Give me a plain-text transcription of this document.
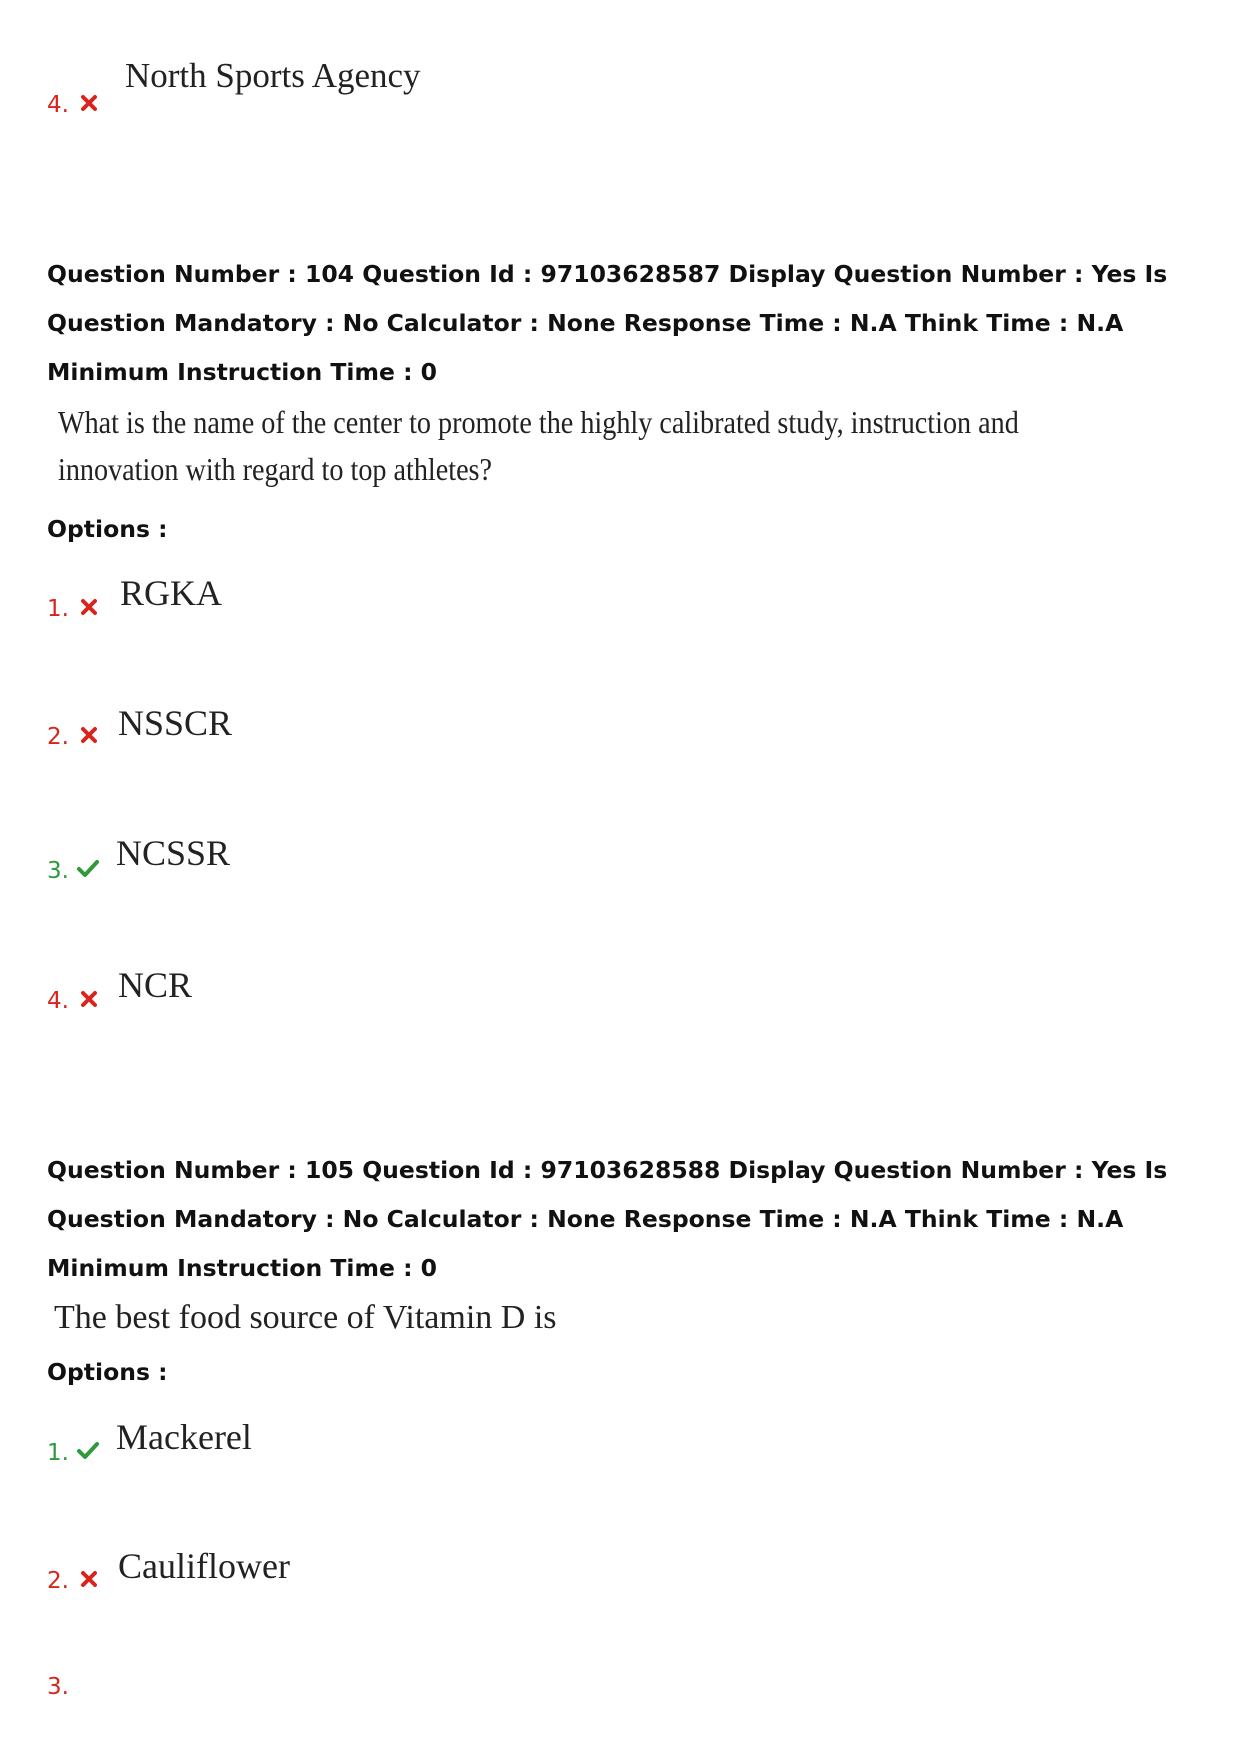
4.
North Sports Agency
Question Number : 104 Question Id : 97103628587 Display Question Number : Yes Is Question Mandatory : No Calculator : None Response Time : N.A Think Time : N.A Minimum Instruction Time : 0
What is the name of the center to promote the highly calibrated study, instruction and
innovation with regard to top athletes?
Options :
1. RGKA
2. NSSCR
3. NCSSR
4. NCR
Question Number : 105 Question Id : 97103628588 Display Question Number : Yes Is Question Mandatory : No Calculator : None Response Time : N.A Think Time : N.A Minimum Instruction Time : 0
The best food source of Vitamin D is
Options :
1. Mackerel
2. Cauliflower
3.
